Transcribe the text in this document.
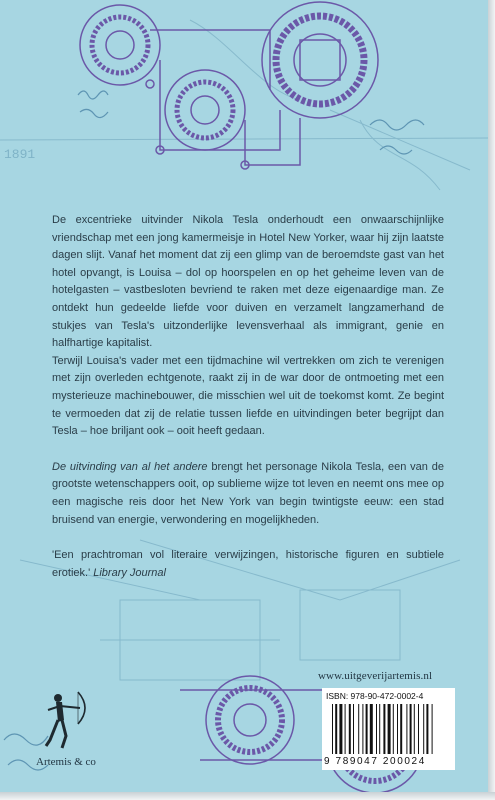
1891

De excentrieke uitvinder Nikola Tesla onderhoudt een onwaarschijnlijke vriendschap met een jong kamermeisje in Hotel New Yorker, waar hij zijn laatste dagen slijt. Vanaf het moment dat zij een glimp van de beroemdste gast van het hotel opvangt, is Louisa – dol op hoorspelen en op het geheime leven van de hotelgasten – vastbesloten bevriend te raken met deze eigenaardige man. Ze ontdekt hun gedeelde liefde voor duiven en verzamelt langzamerhand de stukjes van Tesla's uitzonderlijke levensverhaal als immigrant, genie en halfhartige kapitalist.

Terwijl Louisa's vader met een tijdmachine wil vertrekken om zich te verenigen met zijn overleden echtgenote, raakt zij in de war door de ontmoeting met een mysterieuze machinebouwer, die misschien wel uit de toekomst komt. Ze begint te vermoeden dat zij de relatie tussen liefde en uitvindingen beter begrijpt dan Tesla – hoe briljant ook – ooit heeft gedaan.

De uitvinding van al het andere brengt het personage Nikola Tesla, een van de grootste wetenschappers ooit, op sublieme wijze tot leven en neemt ons mee op een magische reis door het New York van begin twintigste eeuw: een stad bruisend van energie, verwondering en mogelijkheden.

'Een prachtroman vol literaire verwijzingen, historische figuren en subtiele erotiek.' Library Journal

www.uitgeverijartemis.nl
ISBN: 978-90-472-0002-4
9 789047 200024
Artemis & co
